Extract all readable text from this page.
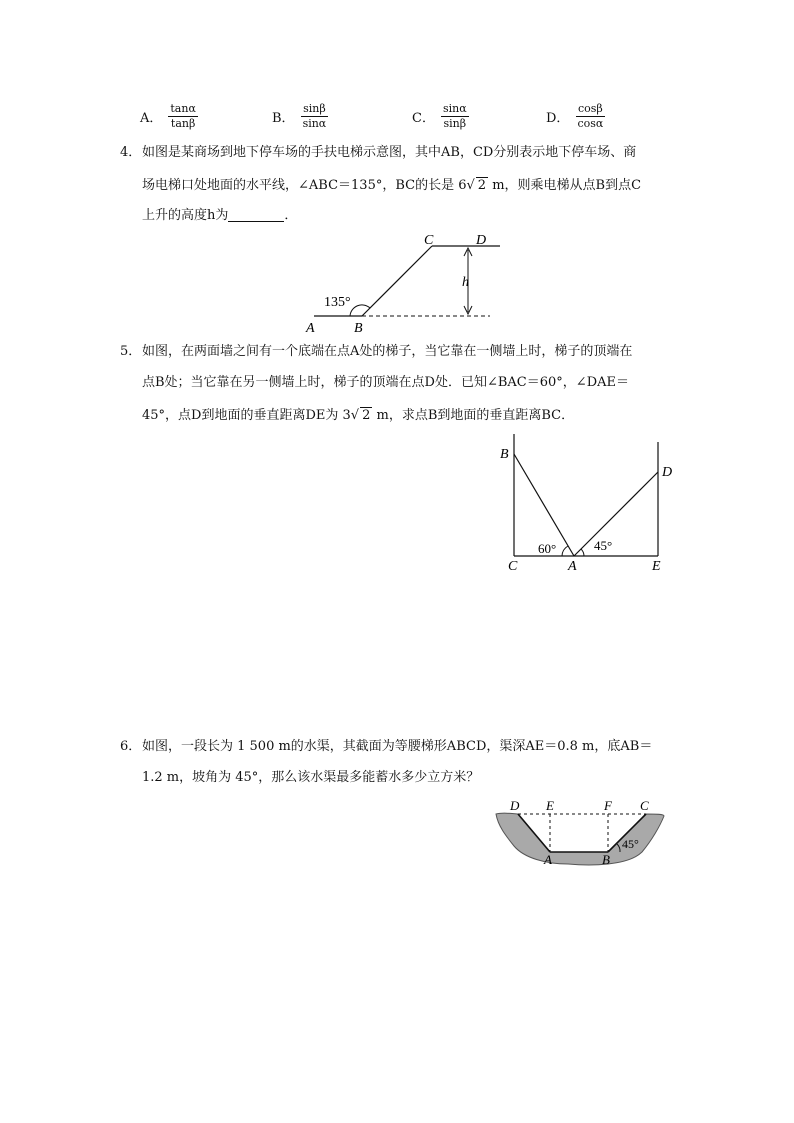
A． $\frac{\tan\alpha}{\tan\beta}$	B． $\frac{\sin\beta}{\sin\alpha}$	C． $\frac{\sin\alpha}{\sin\beta}$	D． $\frac{\cos\beta}{\cos\alpha}$
4． 如图是某商场到地下停车场的手扶电梯示意图，其中AB，CD分别表示地下停车场、商
场电梯口处地面的水平线，∠ABC＝135°，BC的长是 6√ 2 m，则乘电梯从点B到点C
上升的高度h为	．
C	D
h
135°
A	B
5． 如图，在两面墙之间有一个底端在点A处的梯子，当它靠在一侧墙上时，梯子的顶端在
点B处；当它靠在另一侧墙上时，梯子的顶端在点D处．已知∠BAC＝60°，∠DAE＝
45°，点D到地面的垂直距离DE为 3√ 2 m，求点B到地面的垂直距离BC．
B
D
C	A	E
60°	45°
6． 如图，一段长为 1 500 m的水渠，其截面为等腰梯形ABCD，渠深AE＝0.8 m，底AB＝
1.2 m，坡角为 45°，那么该水渠最多能蓄水多少立方米？
D E	F C
A	B
45°
